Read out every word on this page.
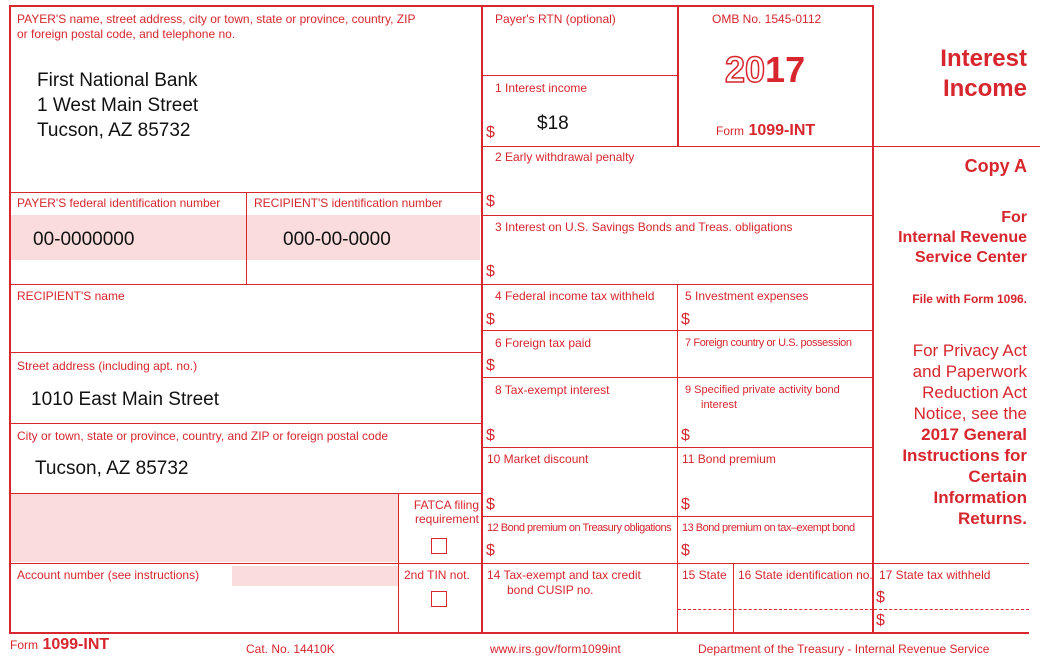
PAYER'S name, street address, city or town, state or province, country, ZIP
or foreign postal code, and telephone no.
First National Bank
1 West Main Street
Tucson, AZ 85732
Payer's RTN (optional)	OMB No. 1545-0112
2017
Form 1099-INT
Interest
Income
Copy A
For
Internal Revenue
Service Center
File with Form 1096.
For Privacy Act
and Paperwork
Reduction Act
Notice, see the
2017 General
Instructions for
Certain
Information
Returns.
PAYER'S federal identification number	RECIPIENT'S identification number
00-0000000	000-00-0000
RECIPIENT'S name
Street address (including apt. no.)
1010 East Main Street
City or town, state or province, country, and ZIP or foreign postal code
Tucson, AZ 85732
FATCA filing
requirement
Account number (see instructions)	2nd TIN not.
1 Interest income
$18
$
2 Early withdrawal penalty
$
3 Interest on U.S. Savings Bonds and Treas. obligations
$
4 Federal income tax withheld
$
5 Investment expenses
$
6 Foreign tax paid
$
7 Foreign country or U.S. possession
8 Tax-exempt interest
$
9 Specified private activity bond
interest
$
10 Market discount
$
11 Bond premium
$
12 Bond premium on Treasury obligations
$
13 Bond premium on tax–exempt bond
$
14 Tax-exempt and tax credit
bond CUSIP no.
15 State 16 State identification no. 17 State tax withheld
$
$
Form 1099-INT	Cat. No. 14410K	www.irs.gov/form1099int	Department of the Treasury - Internal Revenue Service
